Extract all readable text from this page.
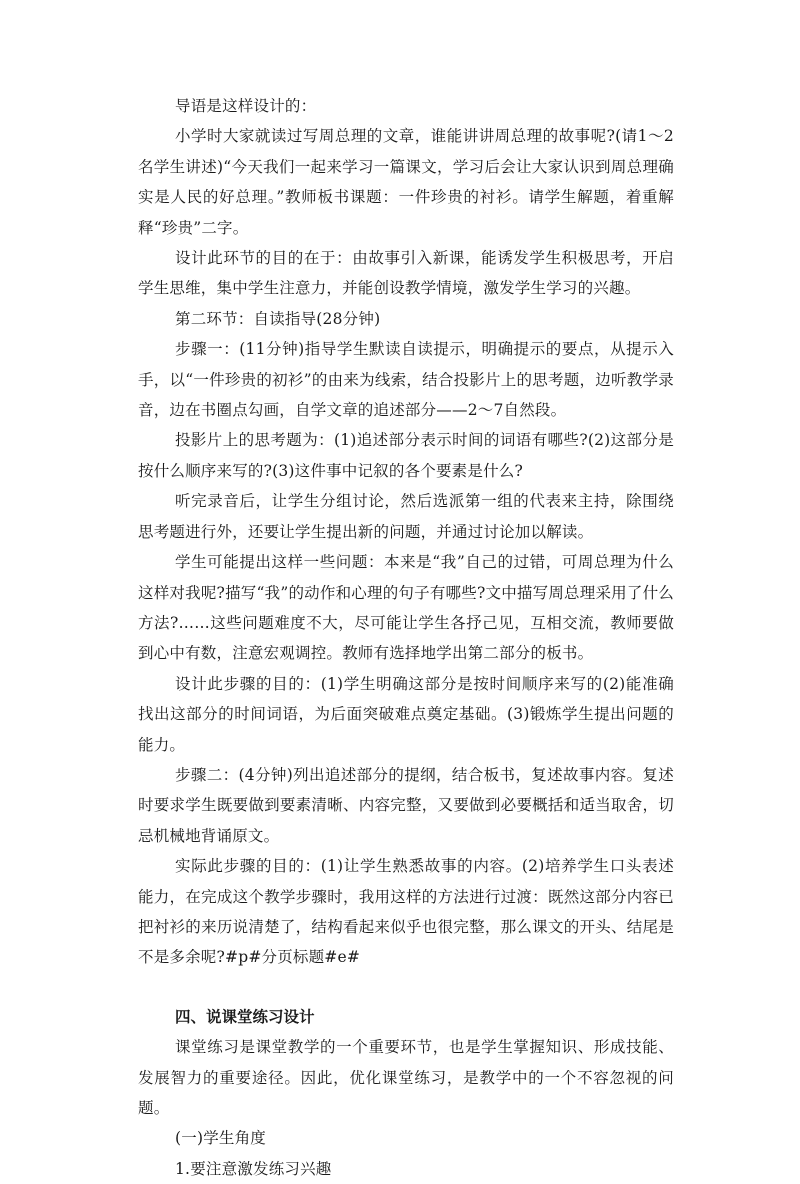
导语是这样设计的：

小学时大家就读过写周总理的文章，谁能讲讲周总理的故事呢?(请1～2名学生讲述)“今天我们一起来学习一篇课文，学习后会让大家认识到周总理确实是人民的好总理。”教师板书课题：一件珍贵的衬衫。请学生解题，着重解释“珍贵”二字。

设计此环节的目的在于：由故事引入新课，能诱发学生积极思考，开启学生思维，集中学生注意力，并能创设教学情境，激发学生学习的兴趣。

第二环节：自读指导(28分钟)

步骤一：(11分钟)指导学生默读自读提示，明确提示的要点，从提示入手，以“一件珍贵的初衫”的由来为线索，结合投影片上的思考题，边听教学录音，边在书圈点勾画，自学文章的追述部分——2～7自然段。

投影片上的思考题为：(1)追述部分表示时间的词语有哪些?(2)这部分是按什么顺序来写的?(3)这件事中记叙的各个要素是什么?

听完录音后，让学生分组讨论，然后选派第一组的代表来主持，除围绕思考题进行外，还要让学生提出新的问题，并通过讨论加以解读。

学生可能提出这样一些问题：本来是“我”自己的过错，可周总理为什么这样对我呢?描写“我”的动作和心理的句子有哪些?文中描写周总理采用了什么方法?……这些问题难度不大，尽可能让学生各抒己见，互相交流，教师要做到心中有数，注意宏观调控。教师有选择地学出第二部分的板书。

设计此步骤的目的：(1)学生明确这部分是按时间顺序来写的(2)能准确找出这部分的时间词语，为后面突破难点奠定基础。(3)锻炼学生提出问题的能力。

步骤二：(4分钟)列出追述部分的提纲，结合板书，复述故事内容。复述时要求学生既要做到要素清晰、内容完整，又要做到必要概括和适当取舍，切忌机械地背诵原文。

实际此步骤的目的：(1)让学生熟悉故事的内容。(2)培养学生口头表述能力，在完成这个教学步骤时，我用这样的方法进行过渡：既然这部分内容已把衬衫的来历说清楚了，结构看起来似乎也很完整，那么课文的开头、结尾是不是多余呢?#p#分页标题#e#

四、说课堂练习设计

课堂练习是课堂教学的一个重要环节，也是学生掌握知识、形成技能、发展智力的重要途径。因此，优化课堂练习，是教学中的一个不容忽视的问题。

(一)学生角度

1.要注意激发练习兴趣
